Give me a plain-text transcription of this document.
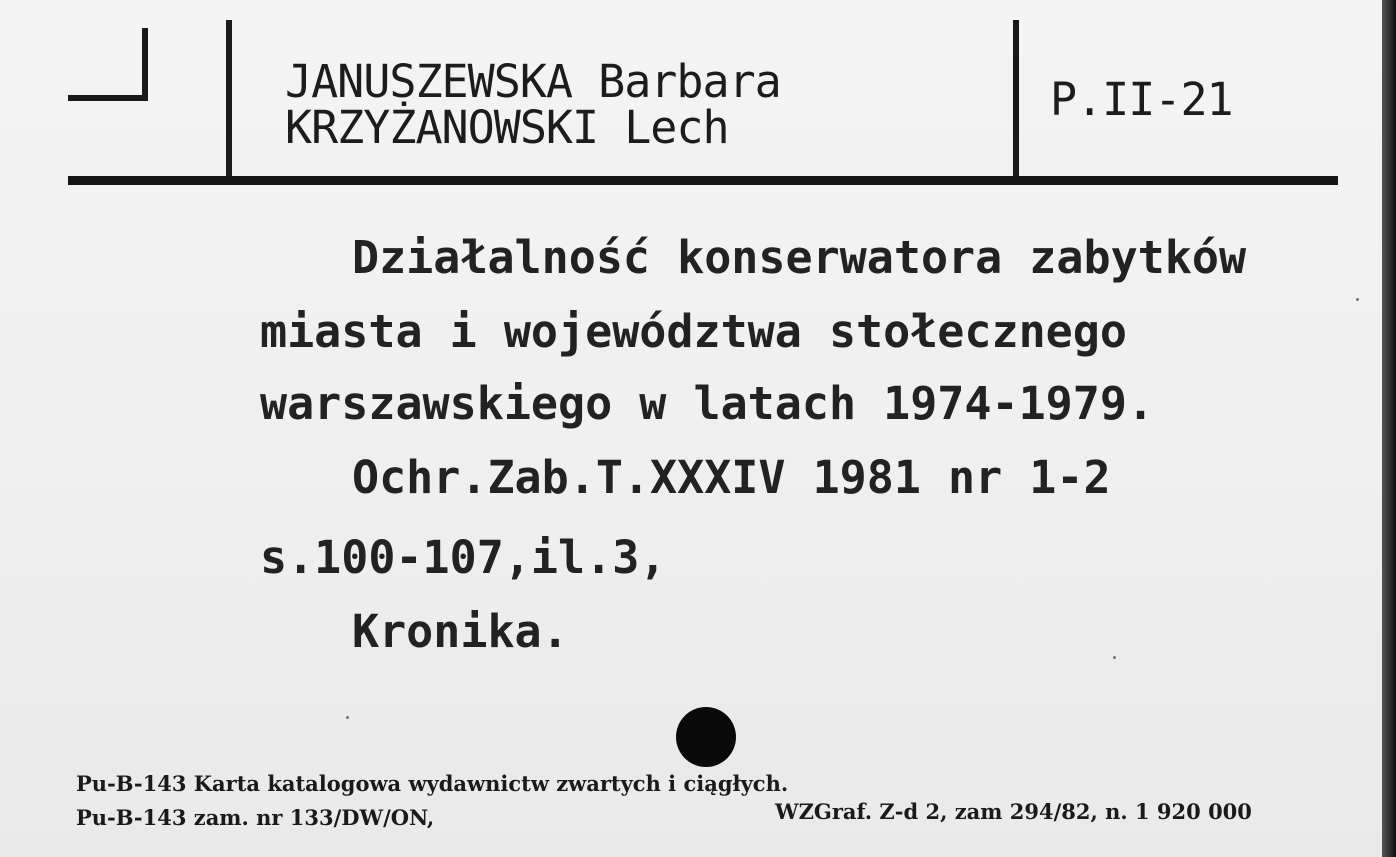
JANUSZEWSKA Barbara
KRZYŻANOWSKI Lech
P.II-21
Działalność konserwatora zabytków
miasta i województwa stołecznego
warszawskiego w latach 1974-1979.
Ochr.Zab.T.XXXIV 1981 nr 1-2
s.100-107,il.3,
Kronika.
Pu-B-143 Karta katalogowa wydawnictw zwartych i ciągłych.
Pu-B-143 zam. nr 133/DW/ON,	WZGraf. Z-d 2, zam 294/82, n. 1 920 000
